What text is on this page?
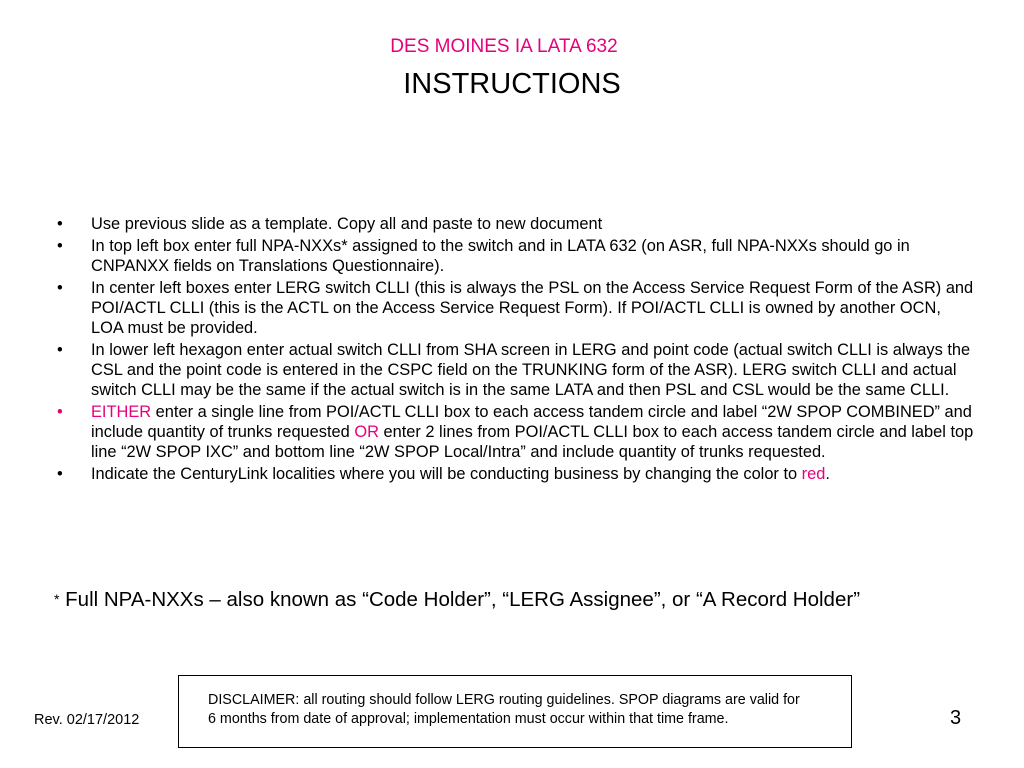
DES MOINES IA LATA 632
INSTRUCTIONS
• Use previous slide as a template. Copy all and paste to new document
• In top left box enter full NPA-NXXs* assigned to the switch and in LATA 632 (on ASR, full NPA-NXXs should go in CNPANXX fields on Translations Questionnaire).
• In center left boxes enter LERG switch CLLI (this is always the PSL on the Access Service Request Form of the ASR) and POI/ACTL CLLI (this is the ACTL on the Access Service Request Form). If POI/ACTL CLLI is owned by another OCN, LOA must be provided.
• In lower left hexagon enter actual switch CLLI from SHA screen in LERG and point code (actual switch CLLI is always the CSL and the point code is entered in the CSPC field on the TRUNKING form of the ASR). LERG switch CLLI and actual switch CLLI may be the same if the actual switch is in the same LATA and then PSL and CSL would be the same CLLI.
• EITHER enter a single line from POI/ACTL CLLI box to each access tandem circle and label “2W SPOP COMBINED” and include quantity of trunks requested OR enter 2 lines from POI/ACTL CLLI box to each access tandem circle and label top line “2W SPOP IXC” and bottom line “2W SPOP Local/Intra” and include quantity of trunks requested.
• Indicate the CenturyLink localities where you will be conducting business by changing the color to red.
* Full NPA-NXXs – also known as “Code Holder”, “LERG Assignee”, or “A Record Holder”

DISCLAIMER: all routing should follow LERG routing guidelines. SPOP diagrams are valid for 6 months from date of approval; implementation must occur within that time frame.

Rev. 02/17/2012	3
